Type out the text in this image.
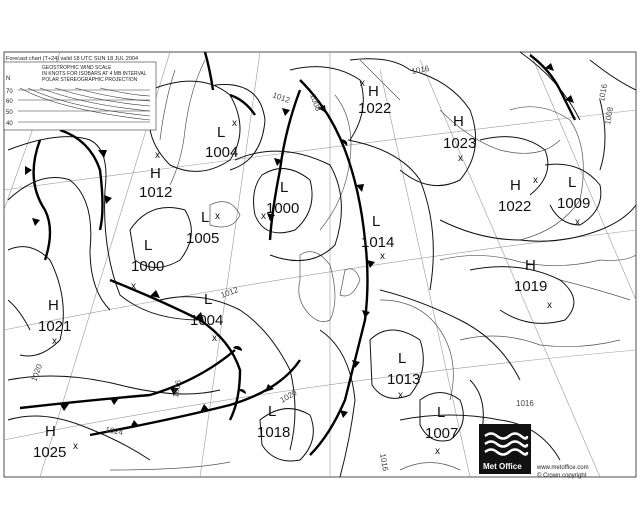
Forecast chart (T+24) valid 18 UTC SUN 18 JUL 2004
N
GEOSTROPHIC WIND SCALE
IN KNOTS FOR ISOBARS AT 4 MB INTERVAL
POLAR STEREOGRAPHIC PROJECTION
70
60
50
40
H
1022
x
H
1023
x
L
1004
x
H
1012
x
L
1000
x
L
1005
x
L
1000
x	L
1014
x
H
1022
x L
1009
x
H
1019
x
H
1021
x
L
1004
x
L
1013
x
L
1018
L
1007
x
H
1025 x
1012 1008
1016
1012
1020
1020
1016
1024
1016
1016
1016
1008
Met Office	www.metoffice.com
© Crown copyright
